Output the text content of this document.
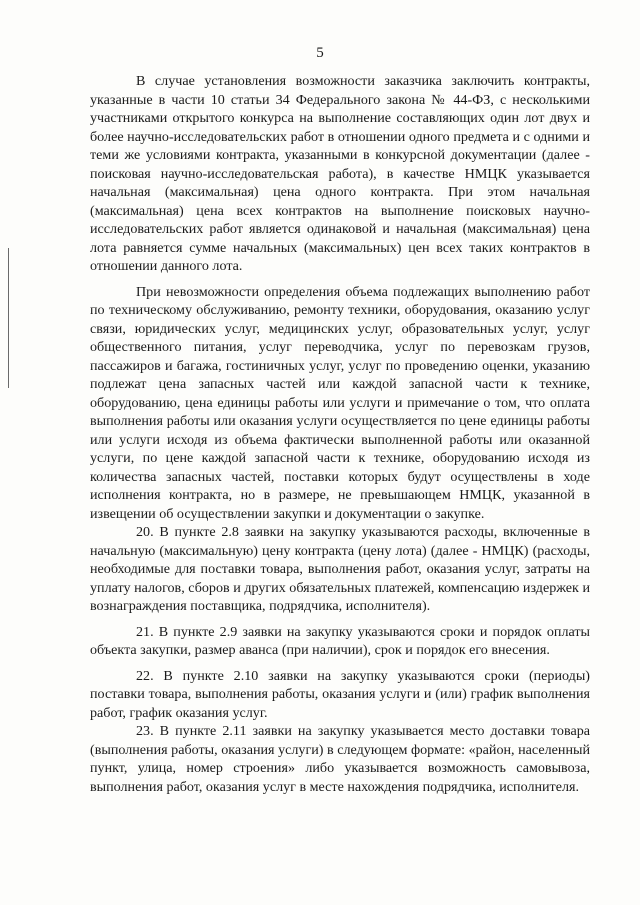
5

В случае установления возможности заказчика заключить контракты, указанные в части 10 статьи 34 Федерального закона № 44-ФЗ, с несколькими участниками открытого конкурса на выполнение составляющих один лот двух и более научно-исследовательских работ в отношении одного предмета и с одними и теми же условиями контракта, указанными в конкурсной документации (далее - поисковая научно-исследовательская работа), в качестве НМЦК указывается начальная (максимальная) цена одного контракта. При этом начальная (максимальная) цена всех контрактов на выполнение поисковых научно-исследовательских работ является одинаковой и начальная (максимальная) цена лота равняется сумме начальных (максимальных) цен всех таких контрактов в отношении данного лота.

При невозможности определения объема подлежащих выполнению работ по техническому обслуживанию, ремонту техники, оборудования, оказанию услуг связи, юридических услуг, медицинских услуг, образовательных услуг, услуг общественного питания, услуг переводчика, услуг по перевозкам грузов, пассажиров и багажа, гостиничных услуг, услуг по проведению оценки, указанию подлежат цена запасных частей или каждой запасной части к технике, оборудованию, цена единицы работы или услуги и примечание о том, что оплата выполнения работы или оказания услуги осуществляется по цене единицы работы или услуги исходя из объема фактически выполненной работы или оказанной услуги, по цене каждой запасной части к технике, оборудованию исходя из количества запасных частей, поставки которых будут осуществлены в ходе исполнения контракта, но в размере, не превышающем НМЦК, указанной в извещении об осуществлении закупки и документации о закупке.

20. В пункте 2.8 заявки на закупку указываются расходы, включенные в начальную (максимальную) цену контракта (цену лота) (далее - НМЦК) (расходы, необходимые для поставки товара, выполнения работ, оказания услуг, затраты на уплату налогов, сборов и других обязательных платежей, компенсацию издержек и вознаграждения поставщика, подрядчика, исполнителя).

21. В пункте 2.9 заявки на закупку указываются сроки и порядок оплаты объекта закупки, размер аванса (при наличии), срок и порядок его внесения.

22. В пункте 2.10 заявки на закупку указываются сроки (периоды) поставки товара, выполнения работы, оказания услуги и (или) график выполнения работ, график оказания услуг.

23. В пункте 2.11 заявки на закупку указывается место доставки товара (выполнения работы, оказания услуги) в следующем формате: «район, населенный пункт, улица, номер строения» либо указывается возможность самовывоза, выполнения работ, оказания услуг в месте нахождения подрядчика, исполнителя.
